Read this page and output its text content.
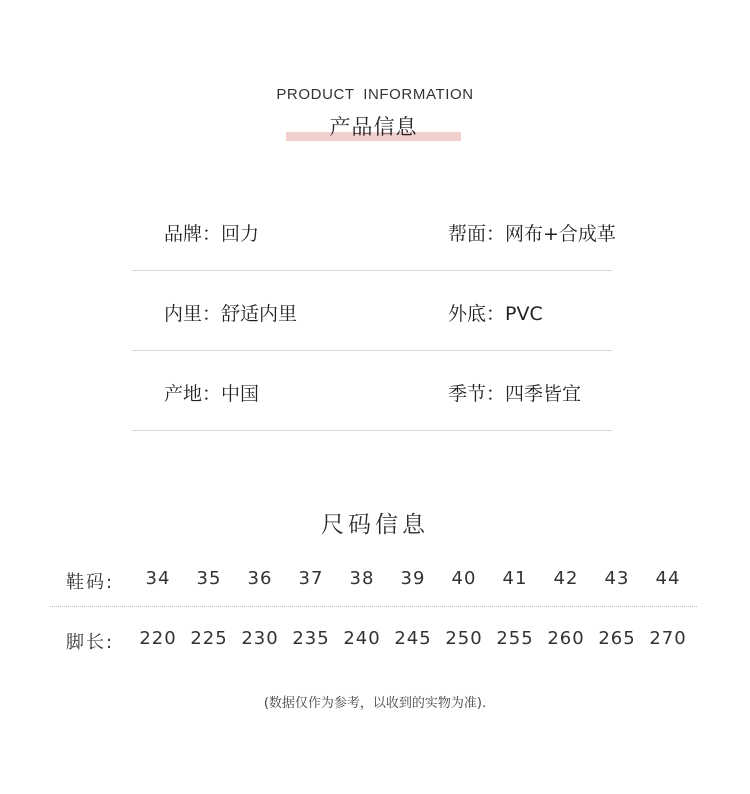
PRODUCT INFORMATION
产品信息
品牌：回力	帮面：网布+合成革
内里：舒适内里	外底：PVC
产地：中国	季节：四季皆宜
尺码信息
鞋码:	34	35	36	37	38	39	40	41	42	43	44
脚长:	220 225 230 235 240 245 250 255 260 265 270
(数据仅作为参考，以收到的实物为准).
